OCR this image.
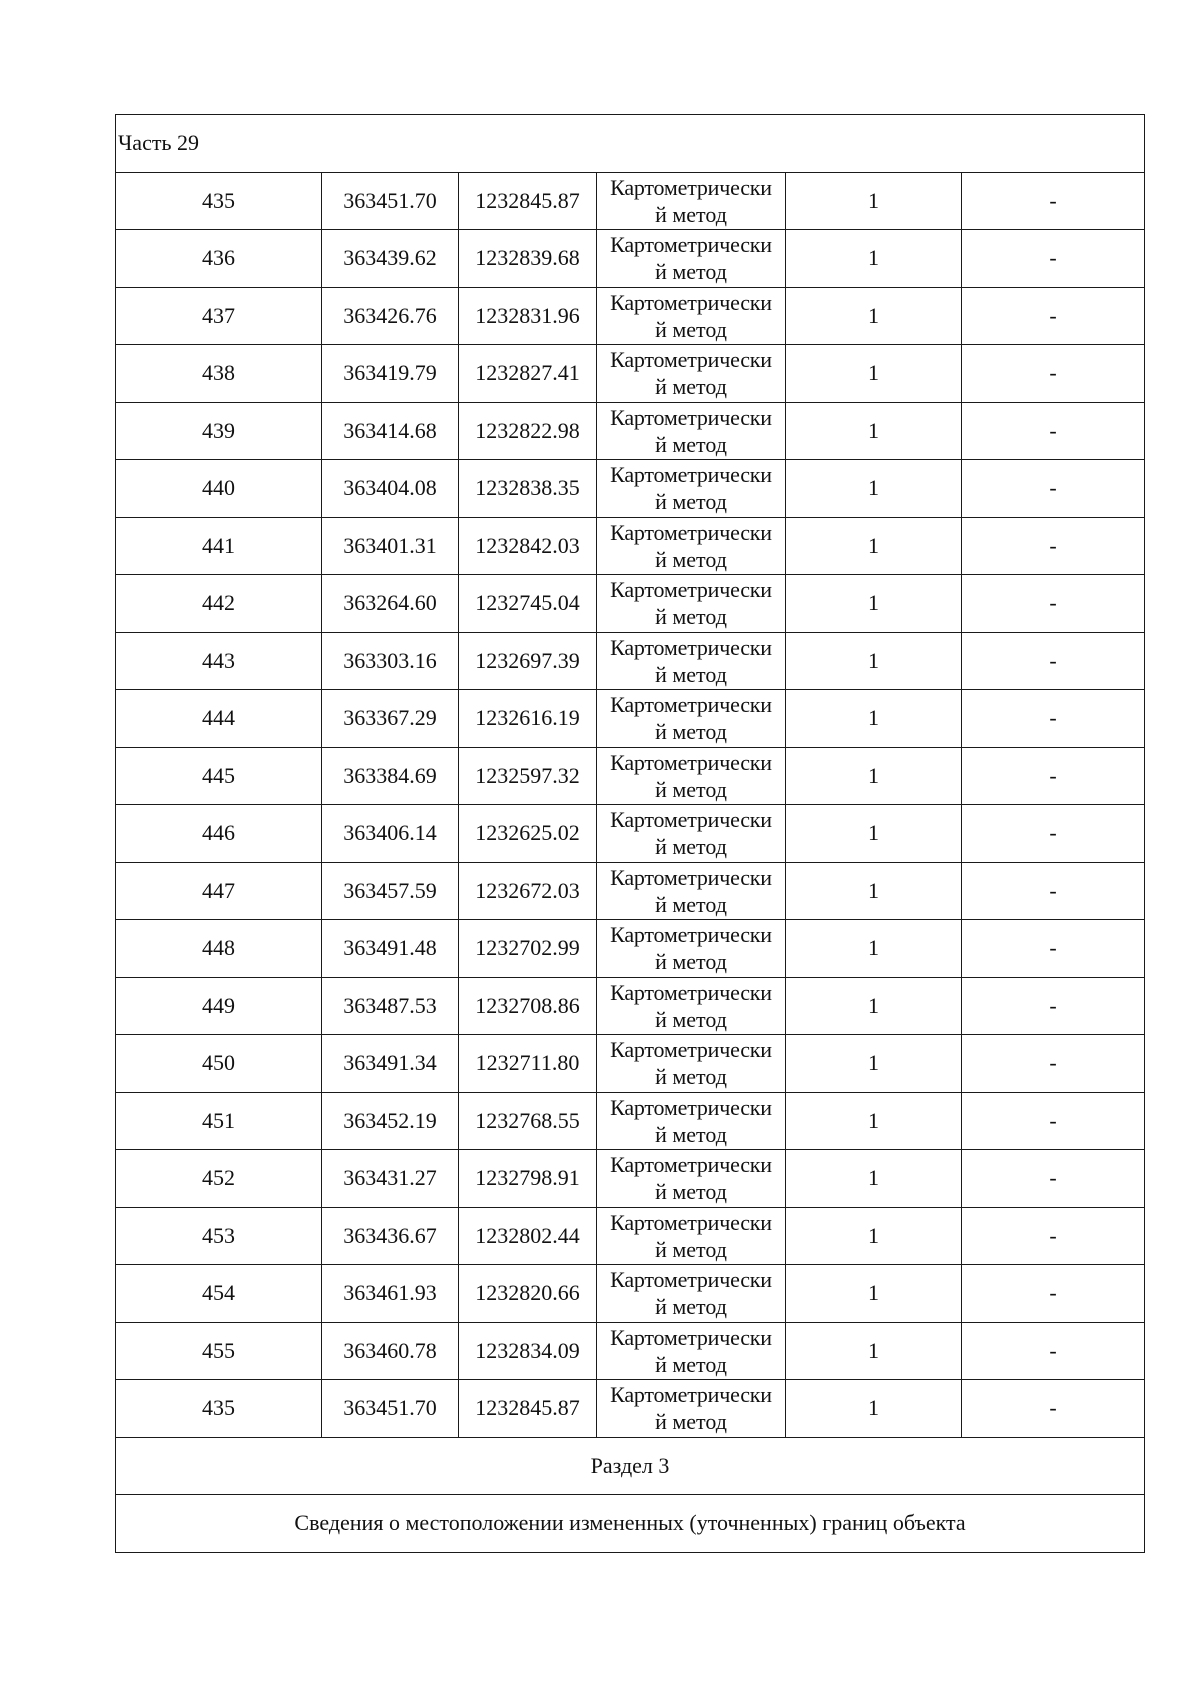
Часть 29					
435	363451.70	1232845.87	Картометрически
й метод	1	-
436	363439.62	1232839.68	Картометрически
й метод	1	-
437	363426.76	1232831.96	Картометрически
й метод	1	-
438	363419.79	1232827.41	Картометрически
й метод	1	-
439	363414.68	1232822.98	Картометрически
й метод	1	-
440	363404.08	1232838.35	Картометрически
й метод	1	-
441	363401.31	1232842.03	Картометрически
й метод	1	-
442	363264.60	1232745.04	Картометрически
й метод	1	-
443	363303.16	1232697.39	Картометрически
й метод	1	-
444	363367.29	1232616.19	Картометрически
й метод	1	-
445	363384.69	1232597.32	Картометрически
й метод	1	-
446	363406.14	1232625.02	Картометрически
й метод	1	-
447	363457.59	1232672.03	Картометрически
й метод	1	-
448	363491.48	1232702.99	Картометрически
й метод	1	-
449	363487.53	1232708.86	Картометрически
й метод	1	-
450	363491.34	1232711.80	Картометрически
й метод	1	-
451	363452.19	1232768.55	Картометрически
й метод	1	-
452	363431.27	1232798.91	Картометрически
й метод	1	-
453	363436.67	1232802.44	Картометрически
й метод	1	-
454	363461.93	1232820.66	Картометрически
й метод	1	-
455	363460.78	1232834.09	Картометрически
й метод	1	-
435	363451.70	1232845.87	Картометрически
й метод	1	-
Раздел 3					
Сведения о местоположении измененных (уточненных) границ объекта					
